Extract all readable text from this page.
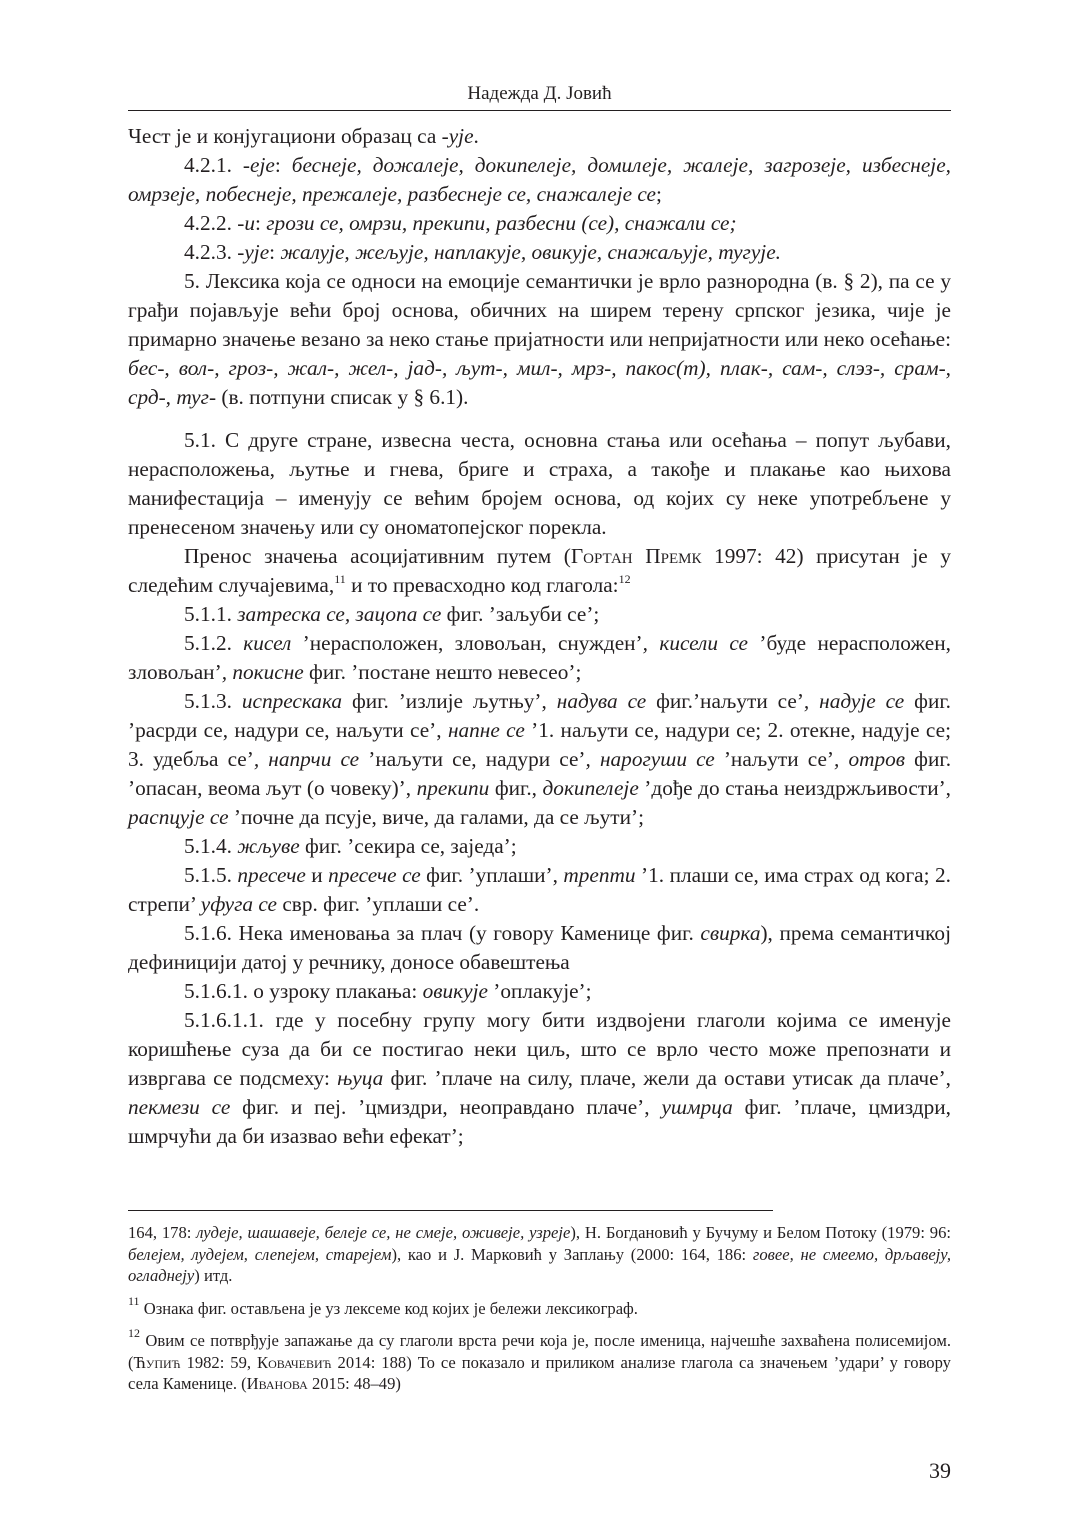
Надежда Д. Јовић

Чест је и конјугациони образац са -ује.

4.2.1. -еје: беснеје, дожалеје, докипелеје, домилеје, жалеје, загрозеје, избеснеје, омрзеје, побеснеје, прежалеје, разбеснеје се, снажалеје се;

4.2.2. -и: грози се, омрзи, прекипи, разбесни (се), снажали се;

4.2.3. -ује: жалује, жељује, наплакује, овикује, снажаљује, тугује.

5. Лексика која се односи на емоције семантички је врло разнородна (в. § 2), па се у грађи појављује већи број основа, обичних на ширем терену српског језика, чије је примарно значење везано за неко стање пријатности или непријатности или неко осећање: бес-, вол-, гроз-, жал-, жел-, јад-, љут-, мил-, мрз-, пакос(т), плак-, сам-, слэз-, срам-, срд-, туг- (в. потпуни списак у § 6.1).

5.1. С друге стране, извесна честа, основна стања или осећања – попут љубави, нерасположења, љутње и гнева, бриге и страха, а такође и плакање као њихова манифестација – именују се већим бројем основа, од којих су неке употребљене у пренесеном значењу или су ономатопејског порекла.

Пренос значења асоцијативним путем (Гортан Премк 1997: 42) присутан је у следећим случајевима,$^{11}$ и то превасходно код глагола:$^{12}$

5.1.1. затреска се, зацопа се фиг. ’заљуби се’;

5.1.2. кисел ’нерасположен, зловољан, снужден’, кисели се ’буде нерасположен, зловољан’, покисне фиг. ’постане нешто невесео’;

5.1.3. испрескака фиг. ’излије љутњу’, надува се фиг.’наљути се’, надује се фиг. ’расрди се, надури се, наљути се’, напне се ’1. наљути се, надури се; 2. отекне, надује се; 3. удебља се’, напрчи се ’наљути се, надури се’, нарогуши се ’наљути се’, отров фиг. ’опасан, веома љут (о човеку)’, прекипи фиг., докипелеје ’дође до стања неиздржљивости’, распцује се ’почне да псује, виче, да галами, да се љути’;

5.1.4. жљуве фиг. ’секира се, заједа’;

5.1.5. пресече и пресече се фиг. ’уплаши’, трепти ’1. плаши се, има страх од кога; 2. стрепи’ уфуга се свр. фиг. ’уплаши се’.

5.1.6. Нека именовања за плач (у говору Каменице фиг. свирка), према семантичкој дефиницији датој у речнику, доносе обавештења

5.1.6.1. о узроку плакања: овикује ’оплакује’;

5.1.6.1.1. где у посебну групу могу бити издвојени глаголи којима се именује коришћење суза да би се постигао неки циљ, што се врло често може препознати и извргава се подсмеху: њуца фиг. ’плаче на силу, плаче, жели да остави утисак да плаче’, пекмези се фиг. и пеј. ’цмиздри, неоправдано плаче’, ушмрца фиг. ’плаче, цмиздри, шмрчући да би изазвао већи ефекат’;

164, 178: лудеје, шашавеје, белеје се, не смеје, оживеје, узреје), Н. Богдановић у Бучуму и Белом Потоку (1979: 96: белејем, лудејем, слепејем, старејем), као и Ј. Марковић у Заплању (2000: 164, 186: говее, не смеемо, дрљавеју, огладнеју) итд.
$^{11}$ Ознака фиг. остављена је уз лексеме код којих је бележи лексикограф.
$^{12}$ Овим се потврђује запажање да су глаголи врста речи која је, после именица, најчешће захваћена полисемијом. (Ћупић 1982: 59, Ковачевић 2014: 188) То се показало и приликом анализе глагола са значењем ’удари’ у говору села Каменице. (Иванова 2015: 48–49)
39
